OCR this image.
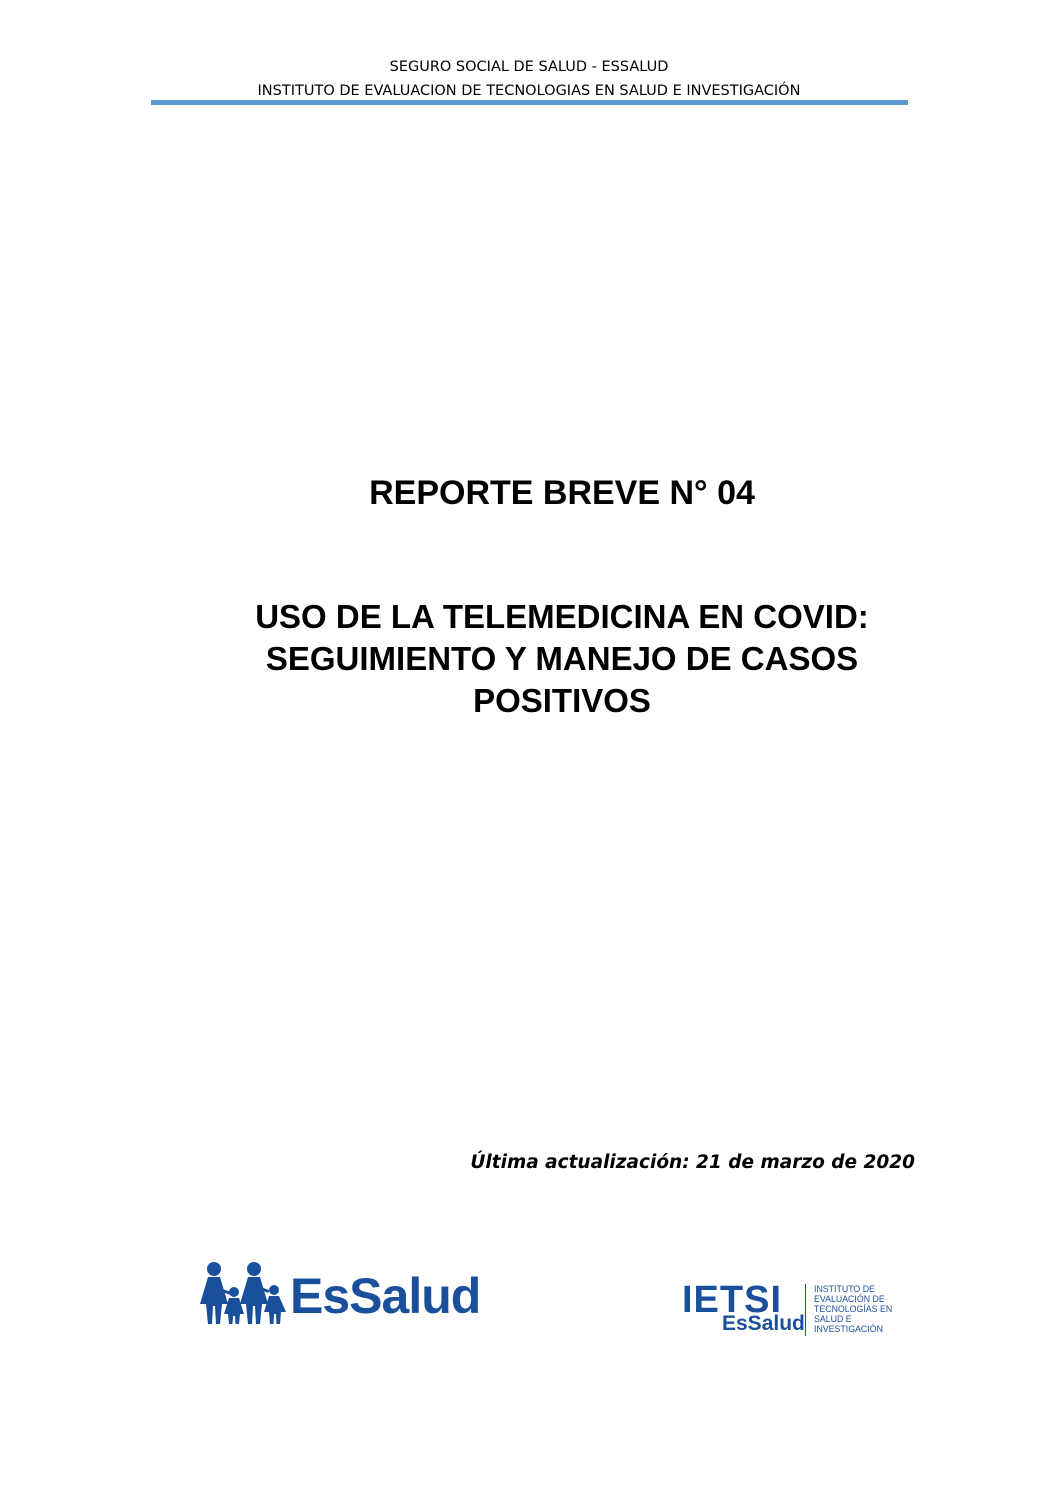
SEGURO SOCIAL DE SALUD - ESSALUD
INSTITUTO DE EVALUACION DE TECNOLOGIAS EN SALUD E INVESTIGACIÓN
REPORTE BREVE N° 04
USO DE LA TELEMEDICINA EN COVID:
SEGUIMIENTO Y MANEJO DE CASOS
POSITIVOS
Última actualización: 21 de marzo de 2020
EsSalud	IETSI
EsSalud
INSTITUTO DE
EVALUACIÓN DE
TECNOLOGÍAS EN
SALUD E
INVESTIGACIÓN
